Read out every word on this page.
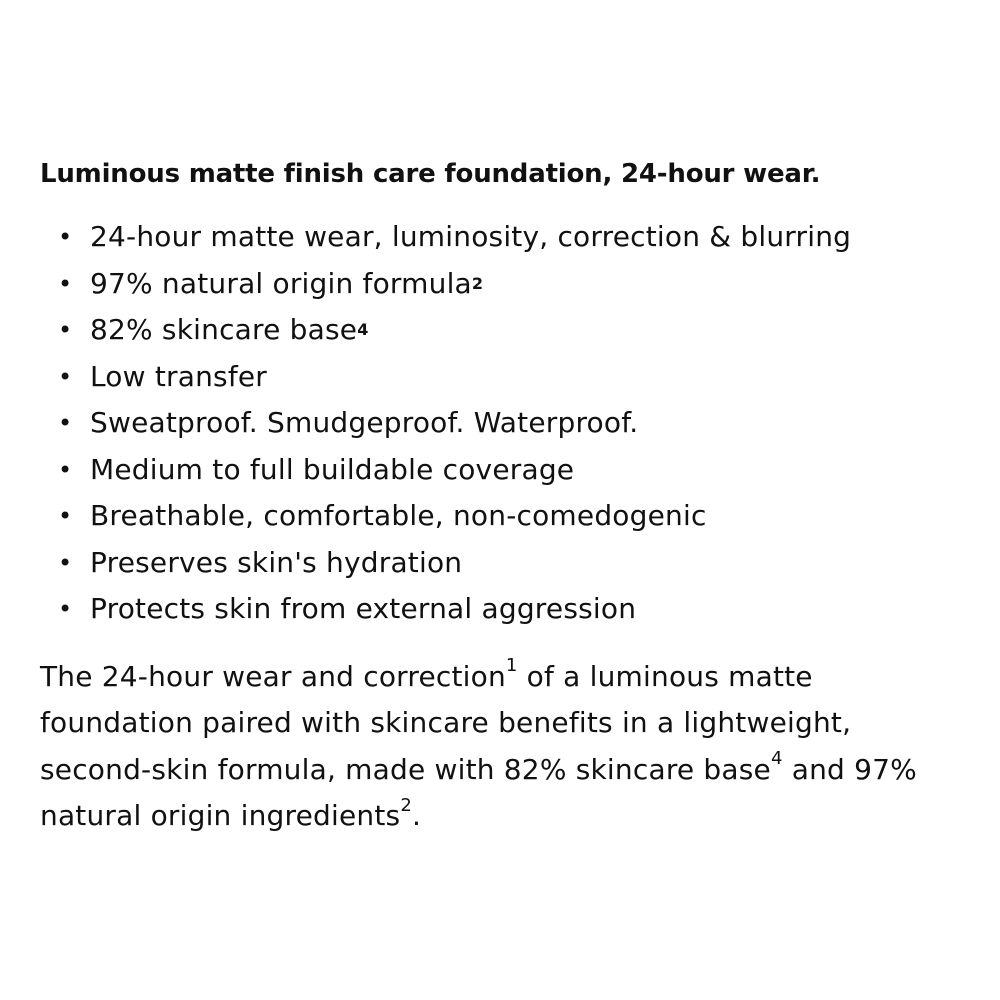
Luminous matte finish care foundation, 24-hour wear.
• 24-hour matte wear, luminosity, correction & blurring
• 97% natural origin formula$^2$
• 82% skincare base$^4$
• Low transfer
• Sweatproof. Smudgeproof. Waterproof.
• Medium to full buildable coverage
• Breathable, comfortable, non-comedogenic
• Preserves skin's hydration
• Protects skin from external aggression

The 24-hour wear and correction$^1$ of a luminous matte foundation paired with skincare benefits in a lightweight, second-skin formula, made with 82% skincare base$^4$ and 97% natural origin ingredients$^2$.
